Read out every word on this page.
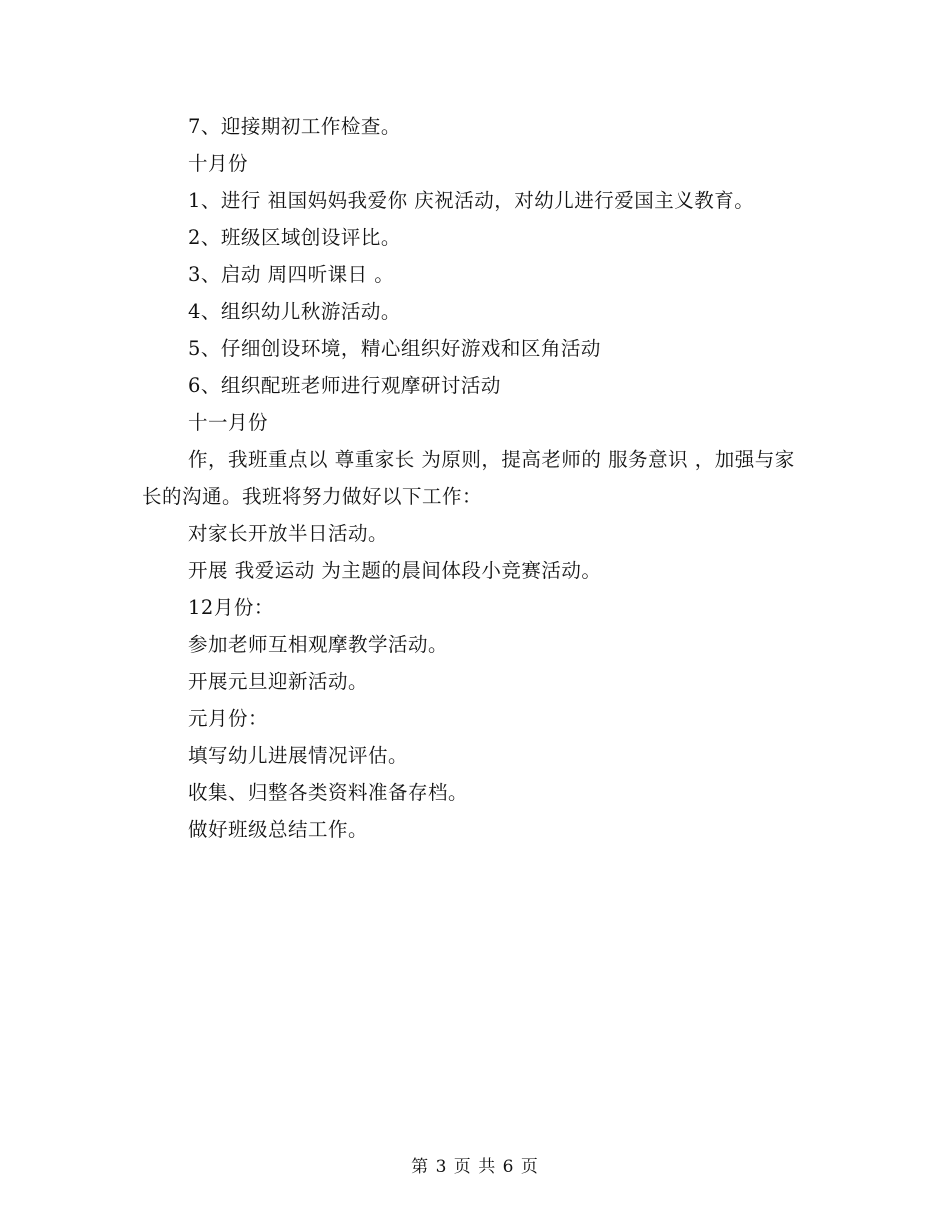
7、迎接期初工作检查。
十月份
1、进行 祖国妈妈我爱你 庆祝活动，对幼儿进行爱国主义教育。
2、班级区域创设评比。
3、启动 周四听课日 。
4、组织幼儿秋游活动。
5、仔细创设环境，精心组织好游戏和区角活动
6、组织配班老师进行观摩研讨活动
十一月份

作，我班重点以 尊重家长 为原则，提高老师的 服务意识 ，加强与家长的沟通。我班将努力做好以下工作：

对家长开放半日活动。
开展 我爱运动 为主题的晨间体段小竞赛活动。
12月份：
参加老师互相观摩教学活动。
开展元旦迎新活动。
元月份：
填写幼儿进展情况评估。
收集、归整各类资料准备存档。
做好班级总结工作。
第 3 页 共 6 页
